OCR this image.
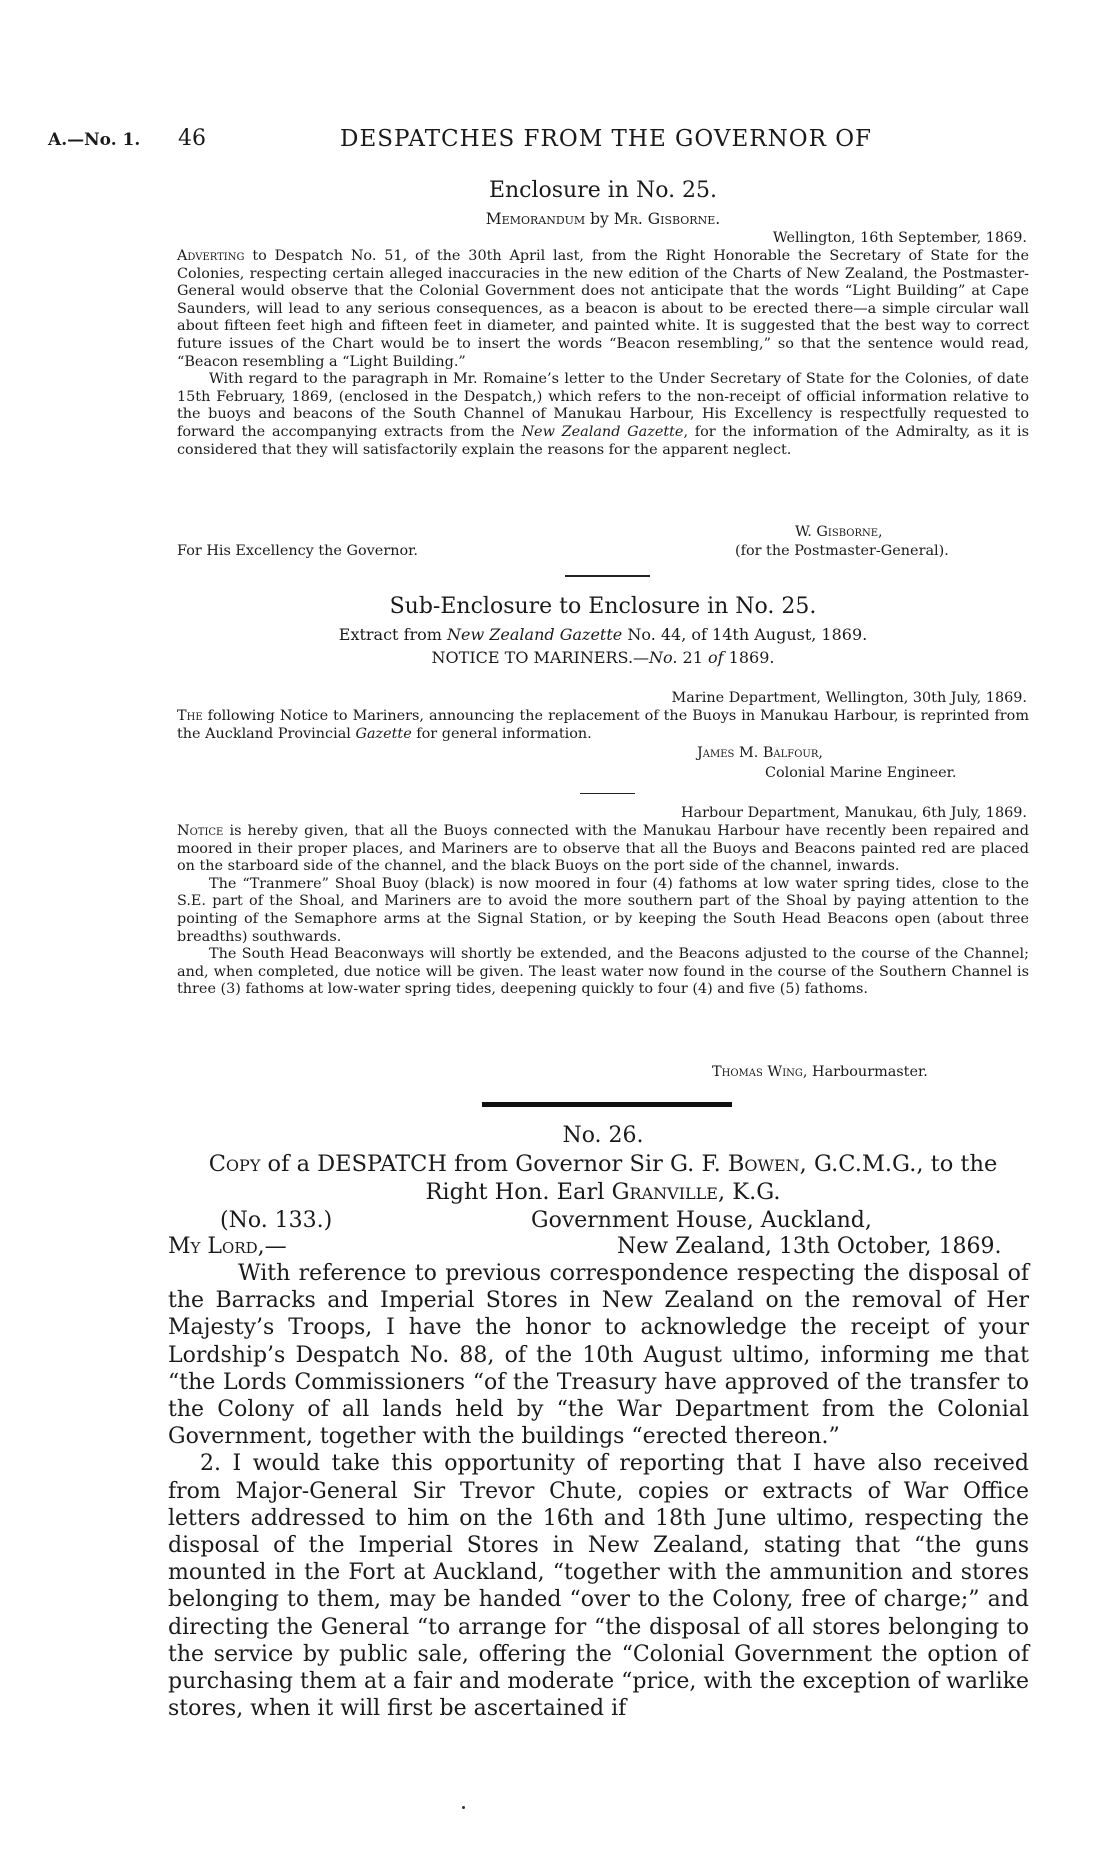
A.—No. 1. 46	DESPATCHES FROM THE GOVERNOR OF
Enclosure in No. 25.
Memorandum by Mr. Gisborne.
Wellington, 16th September, 1869.

Adverting to Despatch No. 51, of the 30th April last, from the Right Honorable the Secretary of State for the Colonies, respecting certain alleged inaccuracies in the new edition of the Charts of New Zealand, the Postmaster-General would observe that the Colonial Government does not anticipate that the words “Light Building” at Cape Saunders, will lead to any serious consequences, as a beacon is about to be erected there—a simple circular wall about fifteen feet high and fifteen feet in diameter, and painted white. It is suggested that the best way to correct future issues of the Chart would be to insert the words “Beacon resembling,” so that the sentence would read, “Beacon resembling a “Light Building.”

With regard to the paragraph in Mr. Romaine’s letter to the Under Secretary of State for the Colonies, of date 15th February, 1869, (enclosed in the Despatch,) which refers to the non-receipt of official information relative to the buoys and beacons of the South Channel of Manukau Harbour, His Excellency is respectfully requested to forward the accompanying extracts from the New Zealand Gazette, for the information of the Admiralty, as it is considered that they will satisfactorily explain the reasons for the apparent neglect.

W. Gisborne,
For His Excellency the Governor.	(for the Postmaster-General).
Sub-Enclosure to Enclosure in No. 25.
Extract from New Zealand Gazette No. 44, of 14th August, 1869.
NOTICE TO MARINERS.—No. 21 of 1869.
Marine Department, Wellington, 30th July, 1869.

The following Notice to Mariners, announcing the replacement of the Buoys in Manukau Harbour, is reprinted from the Auckland Provincial Gazette for general information.

James M. Balfour,
Colonial Marine Engineer.
Harbour Department, Manukau, 6th July, 1869.

Notice is hereby given, that all the Buoys connected with the Manukau Harbour have recently been repaired and moored in their proper places, and Mariners are to observe that all the Buoys and Beacons painted red are placed on the starboard side of the channel, and the black Buoys on the port side of the channel, inwards.

The “Tranmere” Shoal Buoy (black) is now moored in four (4) fathoms at low water spring tides, close to the S.E. part of the Shoal, and Mariners are to avoid the more southern part of the Shoal by paying attention to the pointing of the Semaphore arms at the Signal Station, or by keeping the South Head Beacons open (about three breadths) southwards.

The South Head Beaconways will shortly be extended, and the Beacons adjusted to the course of the Channel; and, when completed, due notice will be given. The least water now found in the course of the Southern Channel is three (3) fathoms at low-water spring tides, deepening quickly to four (4) and five (5) fathoms.

Thomas Wing, Harbourmaster.
No. 26.
Copy of a DESPATCH from Governor Sir G. F. Bowen, G.C.M.G., to the
Right Hon. Earl Granville, K.G.
(No. 133.)	Government House, Auckland,
My Lord,—	New Zealand, 13th October, 1869.

With reference to previous correspondence respecting the disposal of the Barracks and Imperial Stores in New Zealand on the removal of Her Majesty’s Troops, I have the honor to acknowledge the receipt of your Lordship’s Despatch No. 88, of the 10th August ultimo, informing me that “the Lords Commissioners “of the Treasury have approved of the transfer to the Colony of all lands held by “the War Department from the Colonial Government, together with the buildings “erected thereon.”

2. I would take this opportunity of reporting that I have also received from Major-General Sir Trevor Chute, copies or extracts of War Office letters addressed to him on the 16th and 18th June ultimo, respecting the disposal of the Imperial Stores in New Zealand, stating that “the guns mounted in the Fort at Auckland, “together with the ammunition and stores belonging to them, may be handed “over to the Colony, free of charge;” and directing the General “to arrange for “the disposal of all stores belonging to the service by public sale, offering the “Colonial Government the option of purchasing them at a fair and moderate “price, with the exception of warlike stores, when it will first be ascertained if
